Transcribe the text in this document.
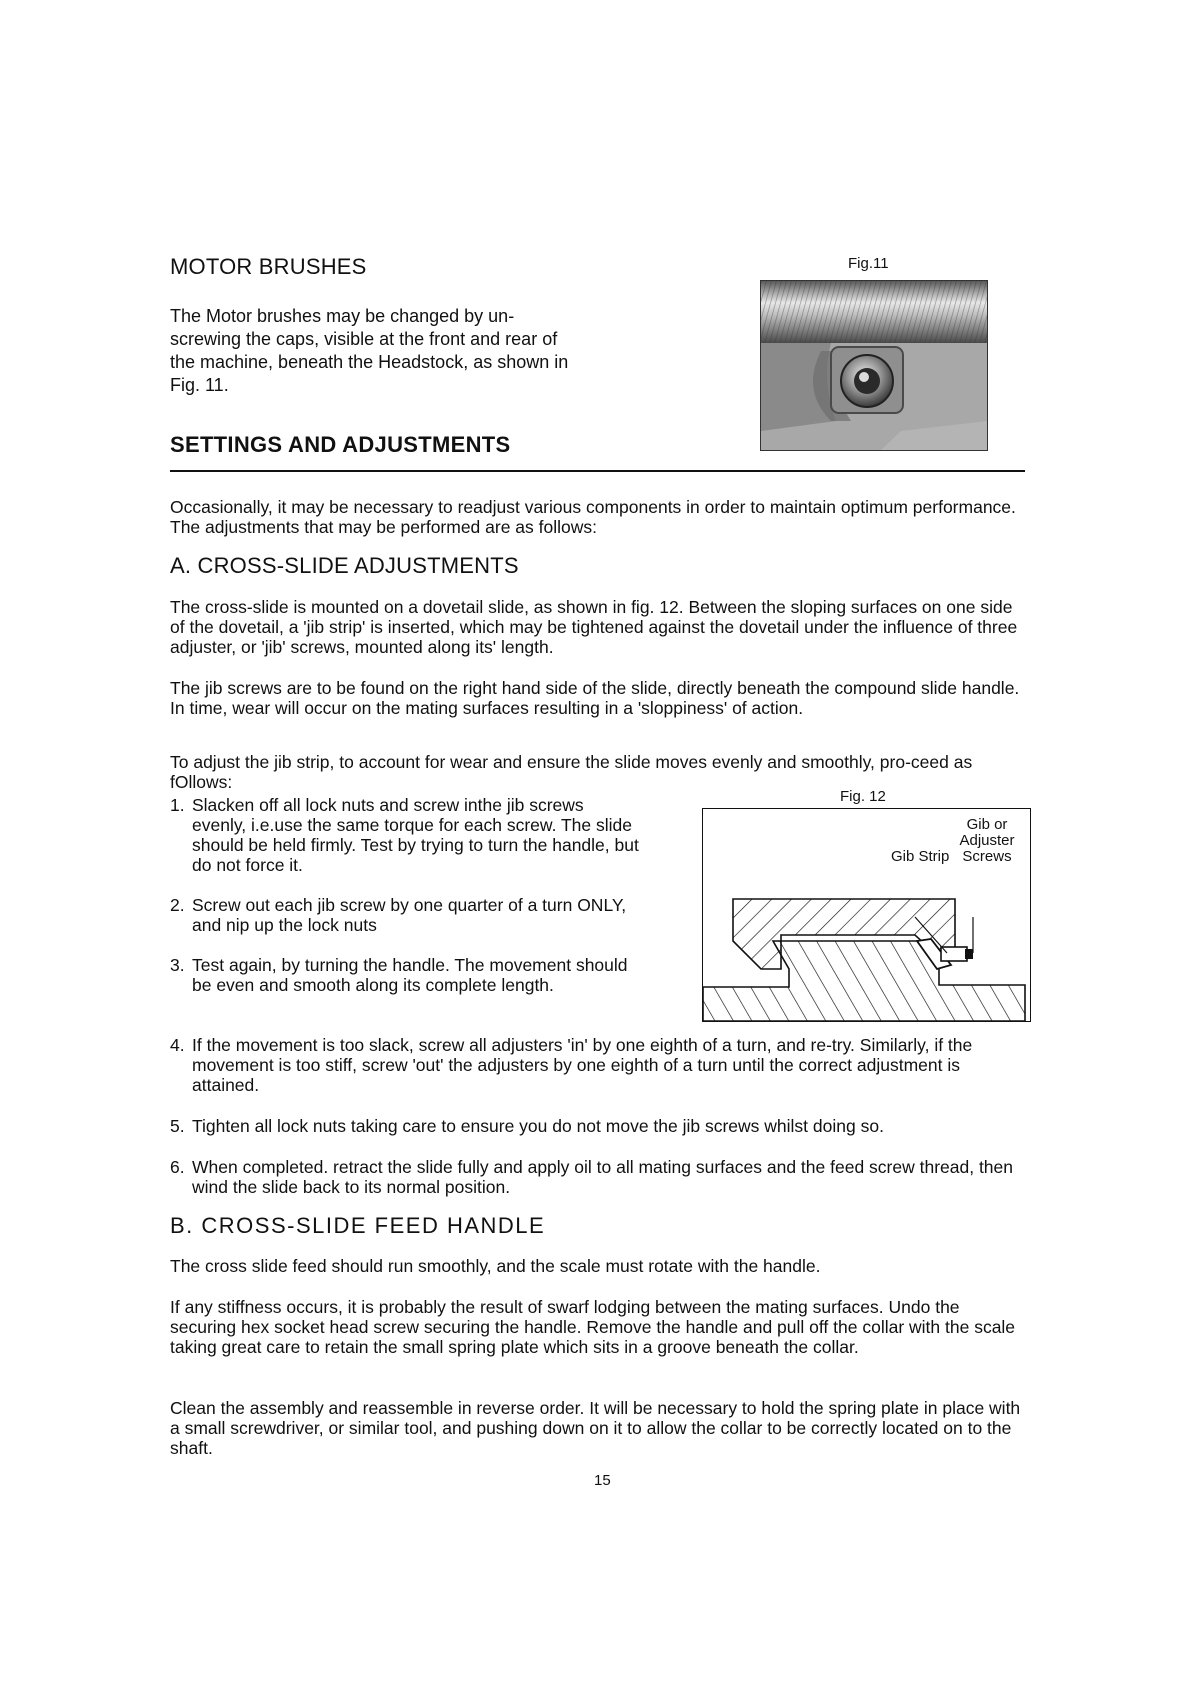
MOTOR BRUSHES
The Motor brushes may be changed by un-screwing the caps, visible at the front and rear of the machine, beneath the Headstock, as shown in Fig. 11.
Fig.11
SETTINGS AND ADJUSTMENTS
Occasionally, it may be necessary to readjust various components in order to maintain optimum performance. The adjustments that may be performed are as follows:
A. CROSS-SLIDE ADJUSTMENTS
The cross-slide is mounted on a dovetail slide, as shown in fig. 12. Between the sloping surfaces on one side of the dovetail, a 'jib strip' is inserted, which may be tightened against the dovetail under the influence of three adjuster, or 'jib' screws, mounted along its' length.
The jib screws are to be found on the right hand side of the slide, directly beneath the compound slide handle. In time, wear will occur on the mating surfaces resulting in a 'sloppiness' of action.
To adjust the jib strip, to account for wear and ensure the slide moves evenly and smoothly, pro-ceed as fOllows:
1. Slacken off all lock nuts and screw inthe jib screws evenly, i.e.use the same torque for each screw. The slide should be held firmly. Test by trying to turn the handle, but do not force it.
2. Screw out each jib screw by one quarter of a turn ONLY, and nip up the lock nuts
3. Test again, by turning the handle. The movement should be even and smooth along its complete length.
4. If the movement is too slack, screw all adjusters 'in' by one eighth of a turn, and re-try. Similarly, if the movement is too stiff, screw 'out' the adjusters by one eighth of a turn until the correct adjustment is attained.
5. Tighten all lock nuts taking care to ensure you do not move the jib screws whilst doing so.
6. When completed. retract the slide fully and apply oil to all mating surfaces and the feed screw thread, then wind the slide back to its normal position.
Fig. 12
Gib Strip
Gib or
Adjuster
Screws
B. CROSS-SLIDE FEED HANDLE
The cross slide feed should run smoothly, and the scale must rotate with the handle.
If any stiffness occurs, it is probably the result of swarf lodging between the mating surfaces. Undo the securing hex socket head screw securing the handle. Remove the handle and pull off the collar with the scale taking great care to retain the small spring plate which sits in a groove beneath the collar.
Clean the assembly and reassemble in reverse order. It will be necessary to hold the spring plate in place with a small screwdriver, or similar tool, and pushing down on it to allow the collar to be correctly located on to the shaft.
15
